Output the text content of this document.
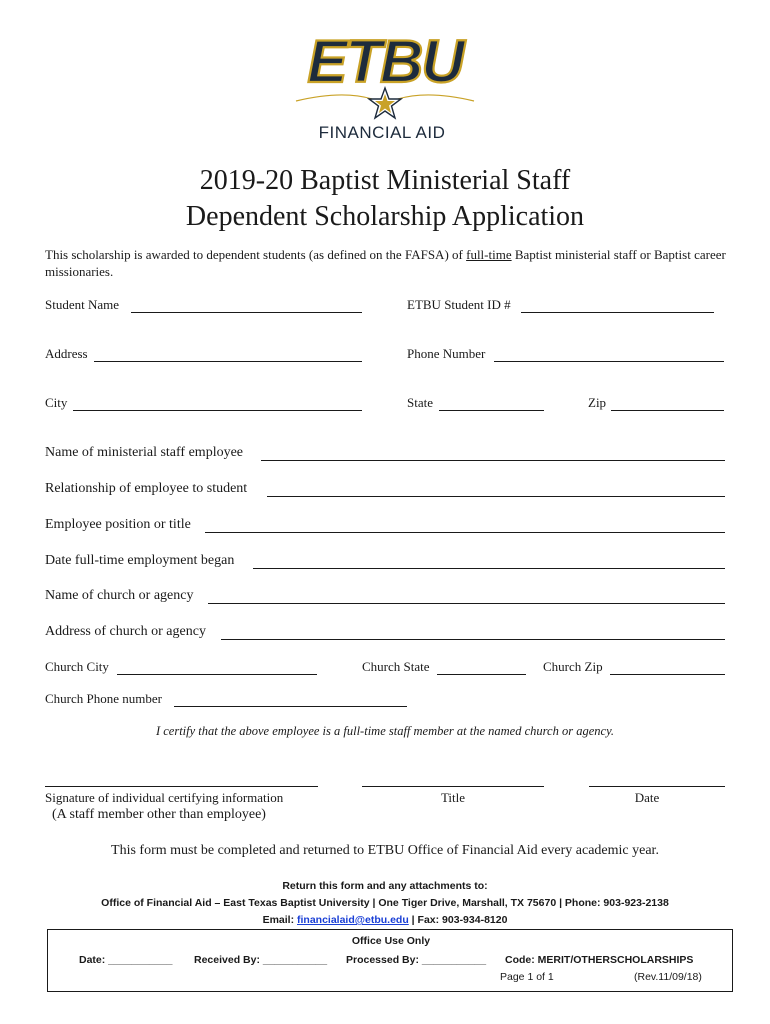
ETBU
FINANCIAL AID
2019-20 Baptist Ministerial Staff
Dependent Scholarship Application
This scholarship is awarded to dependent students (as defined on the FAFSA) of full-time Baptist ministerial staff or Baptist career missionaries.
Student Name	ETBU Student ID #
Address	Phone Number
City	State	Zip
Name of ministerial staff employee
Relationship of employee to student
Employee position or title
Date full-time employment began
Name of church or agency
Address of church or agency
Church City	Church State	Church Zip
Church Phone number
I certify that the above employee is a full-time staff member at the named church or agency.
Signature of individual certifying information
(A staff member other than employee)
Title	Date
This form must be completed and returned to ETBU Office of Financial Aid every academic year.
Return this form and any attachments to:
Office of Financial Aid – East Texas Baptist University | One Tiger Drive, Marshall, TX 75670 | Phone: 903-923-2138
Email: financialaid@etbu.edu | Fax: 903-934-8120
Office Use Only
Date: ___________ Received By: ___________ Processed By: ___________ Code: MERIT/OTHERSCHOLARSHIPS
Page 1 of 1	(Rev.11/09/18)
